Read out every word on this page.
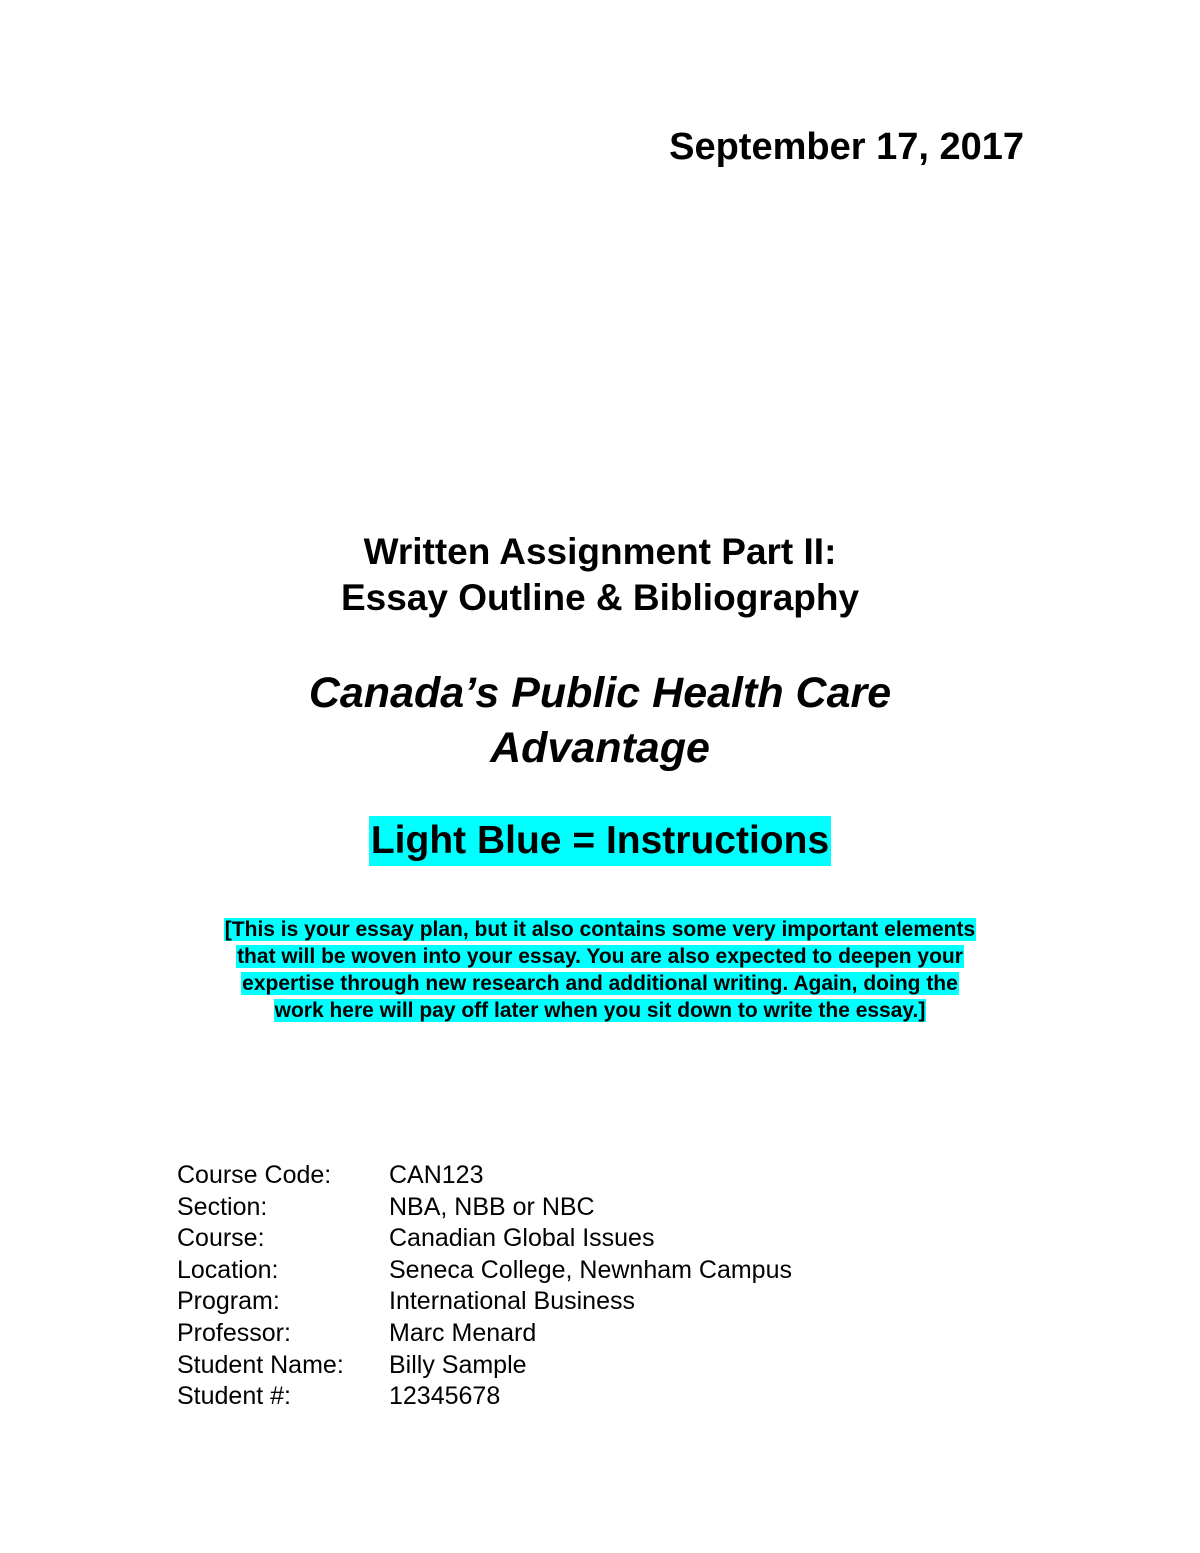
September 17, 2017
Written Assignment Part II:
Essay Outline & Bibliography
Canada’s Public Health Care
Advantage
Light Blue = Instructions
[This is your essay plan, but it also contains some very important elements
that will be woven into your essay. You are also expected to deepen your
expertise through new research and additional writing. Again, doing the
work here will pay off later when you sit down to write the essay.]
Course Code:	CAN123
Section:	NBA, NBB or NBC
Course:	Canadian Global Issues
Location:	Seneca College, Newnham Campus
Program:	International Business
Professor:	Marc Menard
Student Name:	Billy Sample
Student #:	12345678
